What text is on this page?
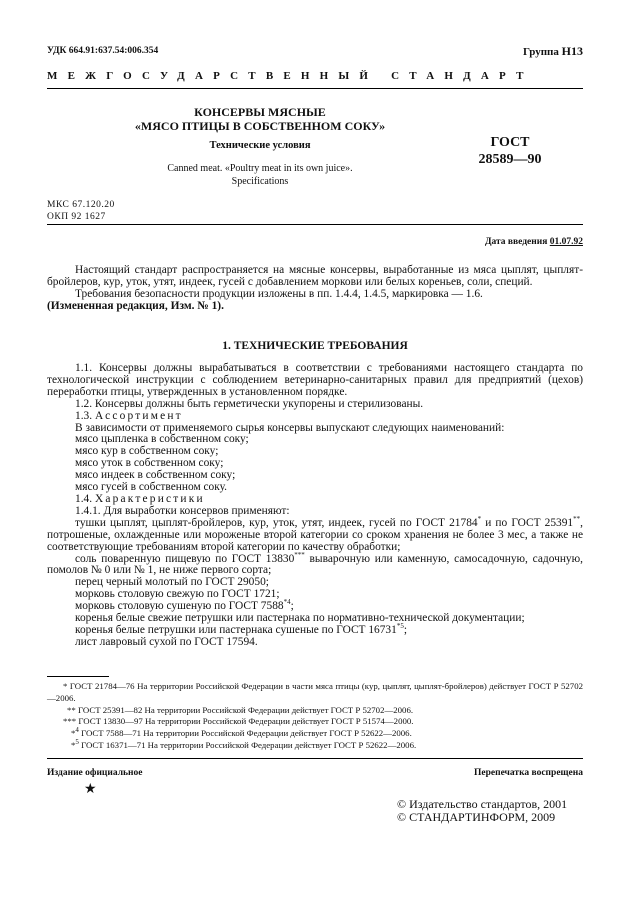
УДК 664.91:637.54:006.354	Группа Н13
МЕЖГОСУДАРСТВЕННЫЙ СТАНДАРТ
КОНСЕРВЫ МЯСНЫЕ
«МЯСО ПТИЦЫ В СОБСТВЕННОМ СОКУ»
Технические условия
Canned meat. «Poultry meat in its own juice».
Specifications
ГОСТ
28589—90
МКС 67.120.20
ОКП 92 1627
Дата введения 01.07.92

Настоящий стандарт распространяется на мясные консервы, выработанные из мяса цыплят, цыплят-бройлеров, кур, уток, утят, индеек, гусей с добавлением моркови или белых кореньев, соли, специй.

Требования безопасности продукции изложены в пп. 1.4.4, 1.4.5, маркировка — 1.6.

(Измененная редакция, Изм. № 1).

1. ТЕХНИЧЕСКИЕ ТРЕБОВАНИЯ

1.1. Консервы должны вырабатываться в соответствии с требованиями настоящего стандарта по технологической инструкции с соблюдением ветеринарно-санитарных правил для предприятий (цехов) переработки птицы, утвержденных в установленном порядке.

1.2. Консервы должны быть герметически укупорены и стерилизованы.

1.3. Ассортимент

В зависимости от применяемого сырья консервы выпускают следующих наименований:

мясо цыпленка в собственном соку;

мясо кур в собственном соку;

мясо уток в собственном соку;

мясо индеек в собственном соку;

мясо гусей в собственном соку.

1.4. Характеристики

1.4.1. Для выработки консервов применяют:

тушки цыплят, цыплят-бройлеров, кур, уток, утят, индеек, гусей по ГОСТ 21784* и по ГОСТ 25391**, потрошеные, охлажденные или мороженые второй категории со сроком хранения не более 3 мес, а также не соответствующие требованиям второй категории по качеству обработки;

соль поваренную пищевую по ГОСТ 13830*** выварочную или каменную, самосадочную, садочную, помолов № 0 или № 1, не ниже первого сорта;

перец черный молотый по ГОСТ 29050;

морковь столовую свежую по ГОСТ 1721;

морковь столовую сушеную по ГОСТ 7588$^{*4}$;

коренья белые свежие петрушки или пастернака по нормативно-технической документации;

коренья белые петрушки или пастернака сушеные по ГОСТ 16731$^{*5}$;

лист лавровый сухой по ГОСТ 17594.

* ГОСТ 21784—76 На территории Российской Федерации в части мяса птицы (кур, цыплят, цыплят-бройлеров) действует ГОСТ Р 52702—2006.

** ГОСТ 25391—82 На территории Российской Федерации действует ГОСТ Р 52702—2006.

*** ГОСТ 13830—97 На территории Российской Федерации действует ГОСТ Р 51574—2000.

*$^4$ ГОСТ 7588—71 На территории Российской Федерации действует ГОСТ Р 52622—2006.

*$^5$ ГОСТ 16371—71 На территории Российской Федерации действует ГОСТ Р 52622—2006.

Издание официальное	Перепечатка воспрещена
★
© Издательство стандартов, 2001
© СТАНДАРТИНФОРМ, 2009
